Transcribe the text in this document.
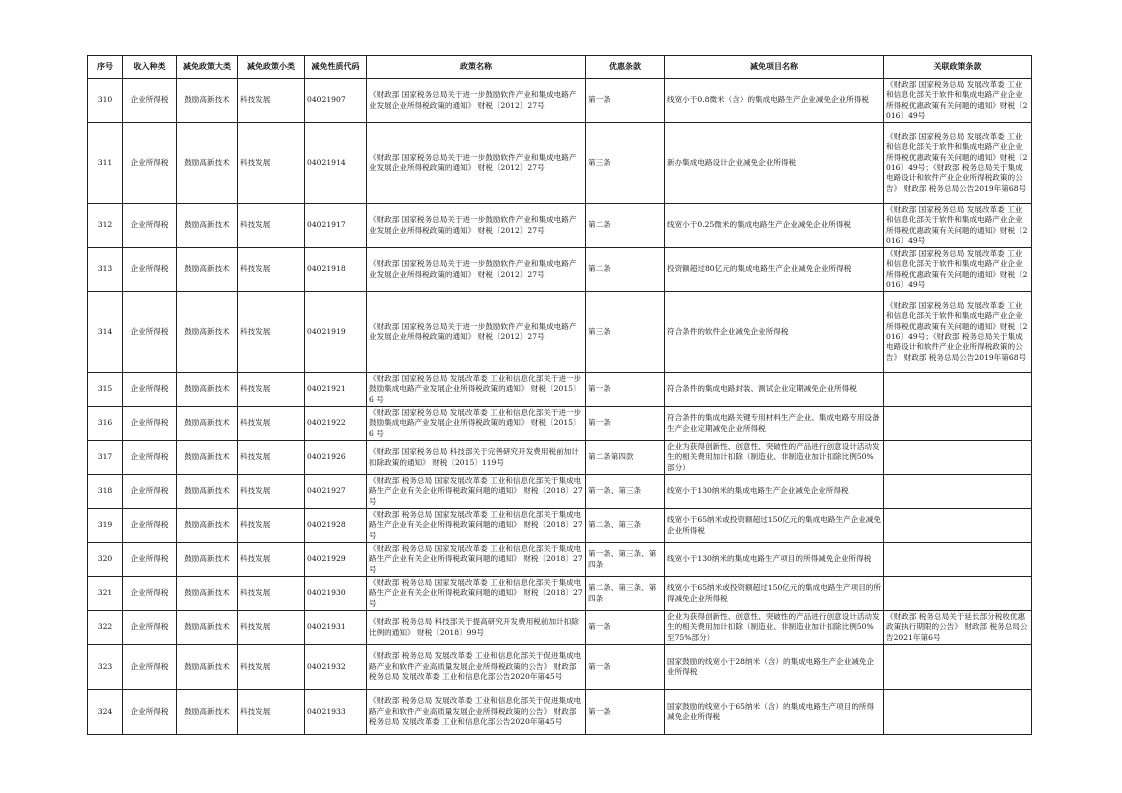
序号	收入种类	减免政策大类	减免政策小类	减免性质代码	政策名称	优惠条款	减免项目名称	关联政策条款
310	企业所得税	鼓励高新技术	科技发展	04021907	《财政部 国家税务总局关于进一步鼓励软件产业和集成电路产业发展企业所得税政策的通知》 财税〔2012〕27号	第一条	线宽小于0.8微米（含）的集成电路生产企业减免企业所得税	《财政部 国家税务总局 发展改革委 工业和信息化部关于软件和集成电路产业企业所得税优惠政策有关问题的通知》财税〔2016〕49号
311	企业所得税	鼓励高新技术	科技发展	04021914	《财政部 国家税务总局关于进一步鼓励软件产业和集成电路产业发展企业所得税政策的通知》 财税〔2012〕27号	第三条	新办集成电路设计企业减免企业所得税	《财政部 国家税务总局 发展改革委 工业和信息化部关于软件和集成电路产业企业所得税优惠政策有关问题的通知》财税〔2016〕49号；《财政部 税务总局关于集成电路设计和软件产业企业所得税政策的公告》 财政部 税务总局公告2019年第68号
312	企业所得税	鼓励高新技术	科技发展	04021917	《财政部 国家税务总局关于进一步鼓励软件产业和集成电路产业发展企业所得税政策的通知》 财税〔2012〕27号	第二条	线宽小于0.25微米的集成电路生产企业减免企业所得税	《财政部 国家税务总局 发展改革委 工业和信息化部关于软件和集成电路产业企业所得税优惠政策有关问题的通知》财税〔2016〕49号
313	企业所得税	鼓励高新技术	科技发展	04021918	《财政部 国家税务总局关于进一步鼓励软件产业和集成电路产业发展企业所得税政策的通知》 财税〔2012〕27号	第二条	投资额超过80亿元的集成电路生产企业减免企业所得税	《财政部 国家税务总局 发展改革委 工业和信息化部关于软件和集成电路产业企业所得税优惠政策有关问题的通知》财税〔2016〕49号
314	企业所得税	鼓励高新技术	科技发展	04021919	《财政部 国家税务总局关于进一步鼓励软件产业和集成电路产业发展企业所得税政策的通知》 财税〔2012〕27号	第三条	符合条件的软件企业减免企业所得税	《财政部 国家税务总局 发展改革委 工业和信息化部关于软件和集成电路产业企业所得税优惠政策有关问题的通知》财税〔2016〕49号；《财政部 税务总局关于集成电路设计和软件产业企业所得税政策的公告》 财政部 税务总局公告2019年第68号
315	企业所得税	鼓励高新技术	科技发展	04021921	《财政部 国家税务总局 发展改革委 工业和信息化部关于进一步鼓励集成电路产业发展企业所得税政策的通知》 财税〔2015〕6 号	第一条	符合条件的集成电路封装、测试企业定期减免企业所得税	
316	企业所得税	鼓励高新技术	科技发展	04021922	《财政部 国家税务总局 发展改革委 工业和信息化部关于进一步鼓励集成电路产业发展企业所得税政策的通知》 财税〔2015〕6 号	第一条	符合条件的集成电路关键专用材料生产企业、集成电路专用设备生产企业定期减免企业所得税	
317	企业所得税	鼓励高新技术	科技发展	04021926	《财政部 国家税务总局 科技部关于完善研究开发费用税前加计扣除政策的通知》 财税〔2015〕119号	第二条第四款	企业为获得创新性、创意性、突破性的产品进行创意设计活动发生的相关费用加计扣除（制造业、非制造业加计扣除比例50%部分）	
318	企业所得税	鼓励高新技术	科技发展	04021927	《财政部 税务总局 国家发展改革委 工业和信息化部关于集成电路生产企业有关企业所得税政策问题的通知》 财税〔2018〕27号	第一条、第三条	线宽小于130纳米的集成电路生产企业减免企业所得税	
319	企业所得税	鼓励高新技术	科技发展	04021928	《财政部 税务总局 国家发展改革委 工业和信息化部关于集成电路生产企业有关企业所得税政策问题的通知》 财税〔2018〕27号	第二条、第三条	线宽小于65纳米或投资额超过150亿元的集成电路生产企业减免企业所得税	
320	企业所得税	鼓励高新技术	科技发展	04021929	《财政部 税务总局 国家发展改革委 工业和信息化部关于集成电路生产企业有关企业所得税政策问题的通知》 财税〔2018〕27号	第一条、第三条、第四条	线宽小于130纳米的集成电路生产项目的所得减免企业所得税	
321	企业所得税	鼓励高新技术	科技发展	04021930	《财政部 税务总局 国家发展改革委 工业和信息化部关于集成电路生产企业有关企业所得税政策问题的通知》 财税〔2018〕27号	第二条、第三条、第四条	线宽小于65纳米或投资额超过150亿元的集成电路生产项目的所得减免企业所得税	
322	企业所得税	鼓励高新技术	科技发展	04021931	《财政部 税务总局 科技部关于提高研究开发费用税前加计扣除比例的通知》 财税〔2018〕99号	第一条	企业为获得创新性、创意性、突破性的产品进行创意设计活动发生的相关费用加计扣除（制造业、非制造业加计扣除比例50%至75%部分）	《财政部 税务总局关于延长部分税收优惠政策执行期限的公告》 财政部 税务总局公告2021年第6号
323	企业所得税	鼓励高新技术	科技发展	04021932	《财政部 税务总局 发展改革委 工业和信息化部关于促进集成电路产业和软件产业高质量发展企业所得税政策的公告》 财政部 税务总局 发展改革委 工业和信息化部公告2020年第45号	第一条	国家鼓励的线宽小于28纳米（含）的集成电路生产企业减免企业所得税	
324	企业所得税	鼓励高新技术	科技发展	04021933	《财政部 税务总局 发展改革委 工业和信息化部关于促进集成电路产业和软件产业高质量发展企业所得税政策的公告》 财政部 税务总局 发展改革委 工业和信息化部公告2020年第45号	第一条	国家鼓励的线宽小于65纳米（含）的集成电路生产项目的所得减免企业所得税	
